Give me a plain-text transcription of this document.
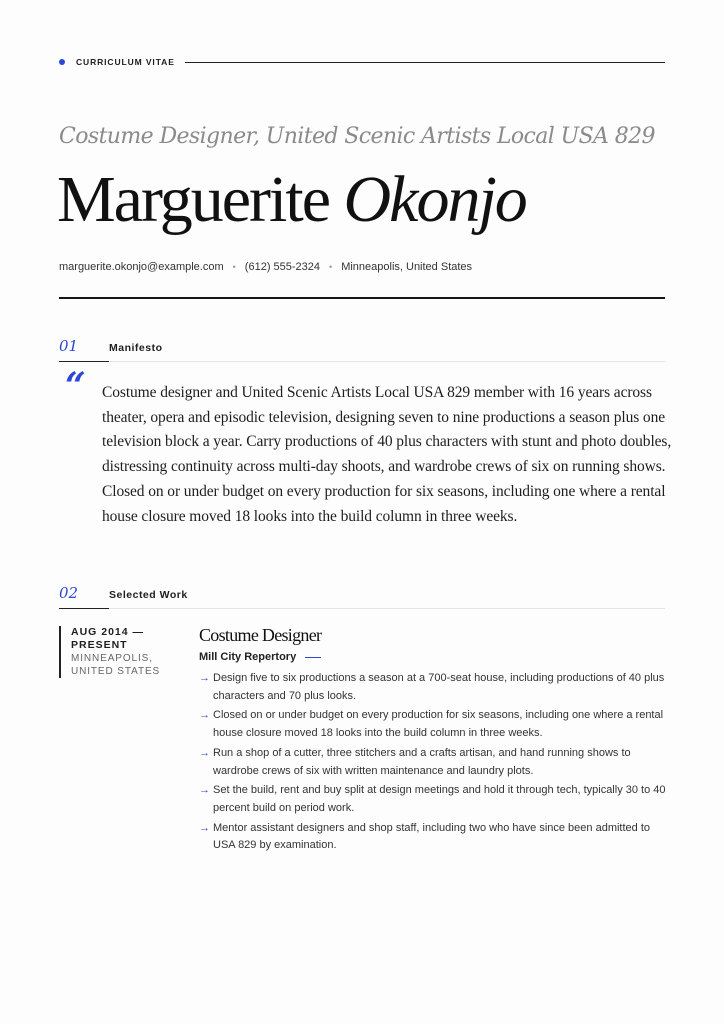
CURRICULUM VITAE
Costume Designer, United Scenic Artists Local USA 829
Marguerite Okonjo
marguerite.okonjo@example.com • (612) 555-2324 • Minneapolis, United States
01	Manifesto
“ Costume designer and United Scenic Artists Local USA 829 member with 16 years across theater, opera and episodic television, designing seven to nine productions a season plus one television block a year. Carry productions of 40 plus characters with stunt and photo doubles, distressing continuity across multi-day shoots, and wardrobe crews of six on running shows. Closed on or under budget on every production for six seasons, including one where a rental house closure moved 18 looks into the build column in three weeks.

02	Selected Work
AUG 2014 — PRESENT
MINNEAPOLIS, UNITED STATES
Costume Designer
Mill City Repertory
→ Design five to six productions a season at a 700-seat house, including productions of 40 plus characters and 70 plus looks.
→ Closed on or under budget on every production for six seasons, including one where a rental house closure moved 18 looks into the build column in three weeks.
→ Run a shop of a cutter, three stitchers and a crafts artisan, and hand running shows to wardrobe crews of six with written maintenance and laundry plots.
→ Set the build, rent and buy split at design meetings and hold it through tech, typically 30 to 40 percent build on period work.
→ Mentor assistant designers and shop staff, including two who have since been admitted to USA 829 by examination.
